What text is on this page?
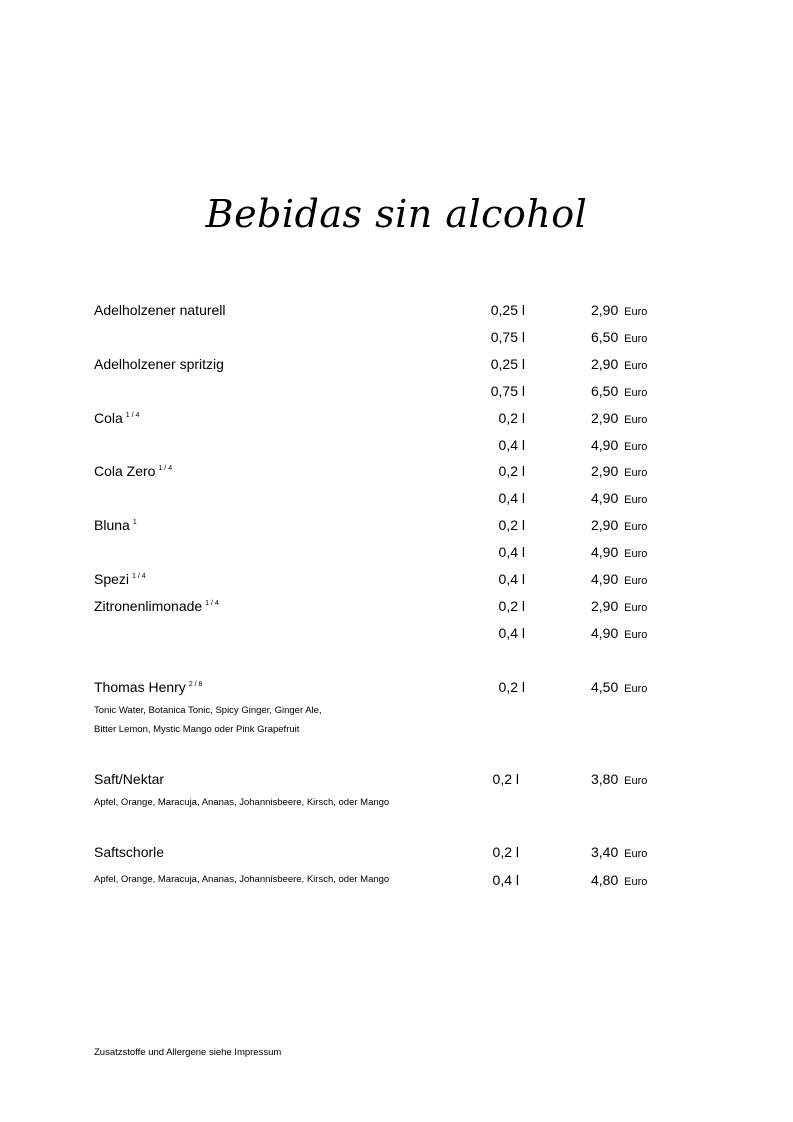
Bebidas sin alcohol
Adelholzener naturell	0,25 l	2,90 Euro
0,75 l	6,50 Euro
Adelholzener spritzig	0,25 l	2,90 Euro
0,75 l	6,50 Euro
Cola $^{1 / 4}$	0,2 l	2,90 Euro
0,4 l	4,90 Euro
Cola Zero $^{1 / 4}$	0,2 l	2,90 Euro
0,4 l	4,90 Euro
Bluna $^1$	0,2 l	2,90 Euro
0,4 l	4,90 Euro
Spezi $^{1 / 4}$	0,4 l	4,90 Euro
Zitronenlimonade $^{1 / 4}$	0,2 l	2,90 Euro
0,4 l	4,90 Euro
Thomas Henry $^{2 / 8}$	0,2 l	4,50 Euro
Tonic Water, Botanica Tonic, Spicy Ginger, Ginger Ale,
Bitter Lemon, Mystic Mango oder Pink Grapefruit
Saft/Nektar	0,2 l	3,80 Euro
Apfel, Orange, Maracuja, Ananas, Johannisbeere, Kirsch, oder Mango
Saftschorle	0,2 l	3,40 Euro
0,4 l	4,80 Euro
Apfel, Orange, Maracuja, Ananas, Johannisbeere, Kirsch, oder Mango
Zusatzstoffe und Allergene siehe Impressum
